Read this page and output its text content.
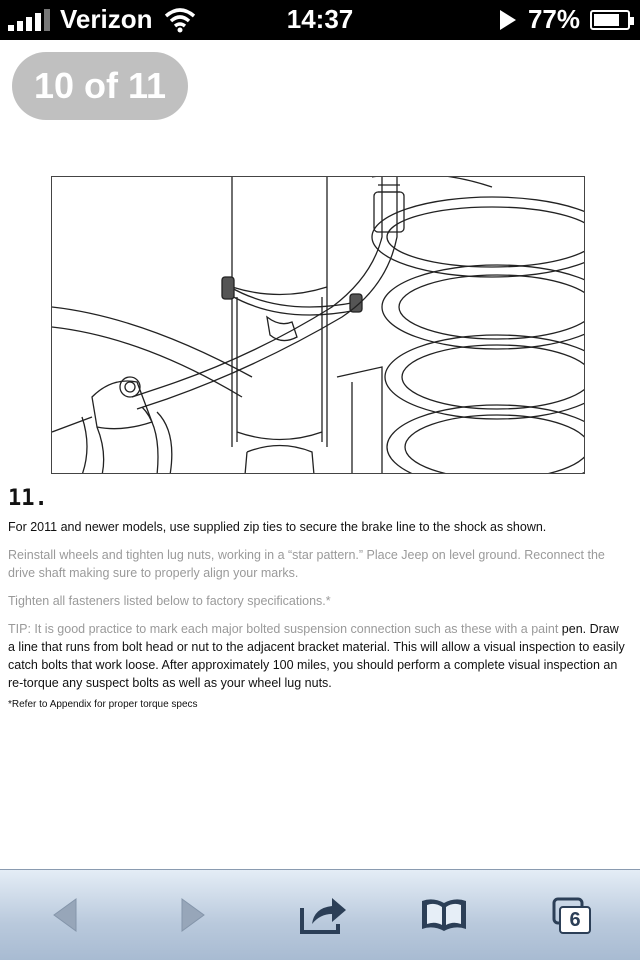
Verizon	14:37	77%
10 of 11
11.

For 2011 and newer models, use supplied zip ties to secure the brake line to the shock as shown.

Reinstall wheels and tighten lug nuts, working in a “star pattern.” Place Jeep on level ground. Reconnect the drive shaft making sure to properly align your marks.

Tighten all fasteners listed below to factory specifications.*

TIP: It is good practice to mark each major bolted suspension connection such as these with a paint pen. Draw a line that runs from bolt head or nut to the adjacent bracket material. This will allow a visual inspection to easily catch bolts that work loose. After approximately 100 miles, you should perform a complete visual inspection an re-torque any suspect bolts as well as your wheel lug nuts.

*Refer to Appendix for proper torque specs
6
